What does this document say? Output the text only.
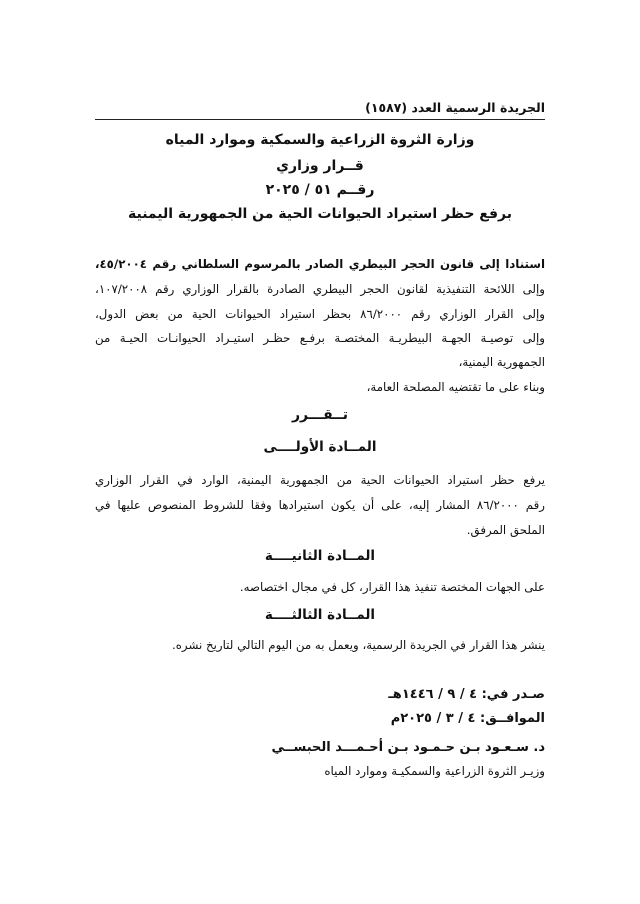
الجريدة الرسمية العدد (١٥٨٧)
وزارة الثروة الزراعية والسمكية وموارد المياه
قــرار وزاري
رقــم ٥١ / ٢٠٢٥
برفع حظر استيراد الحيوانات الحية من الجمهورية اليمنية
استنادا إلى قانون الحجر البيطري الصادر بالمرسوم السلطاني رقم ٤٥/٢٠٠٤،
وإلى اللائحة التنفيذية لقانون الحجر البيطري الصادرة بالقرار الوزاري رقم ١٠٧/٢٠٠٨،
وإلى القرار الوزاري رقم ٨٦/٢٠٠٠ بحظر استيراد الحيوانات الحية من بعض الدول،
وإلى توصيـة الجهـة البيطريـة المختصـة برفـع حظـر استيـراد الحيوانـات الحيـة من
الجمهورية اليمنية،
وبناء على ما تقتضيه المصلحة العامة،
تــقـــرر
المــادة الأولــــى
يرفع حظر استيراد الحيوانات الحية من الجمهورية اليمنية، الوارد في القرار الوزاري
رقم ٨٦/٢٠٠٠ المشار إليه، على أن يكون استيرادها وفقا للشروط المنصوص عليها في
الملحق المرفق.
المــادة الثانيــــة
على الجهات المختصة تنفيذ هذا القرار، كل في مجال اختصاصه.
المــادة الثالثــــة
ينشر هذا القرار في الجريدة الرسمية، ويعمل به من اليوم التالي لتاريخ نشره.
صـدر في: ٤ / ٩ / ١٤٤٦هـ
الموافــق: ٤ / ٣ / ٢٠٢٥م
د. سـعـود بـن حـمـود بـن أحـمـــد الحبســي
وزيـر الثروة الزراعية والسمكيـة وموارد المياه
